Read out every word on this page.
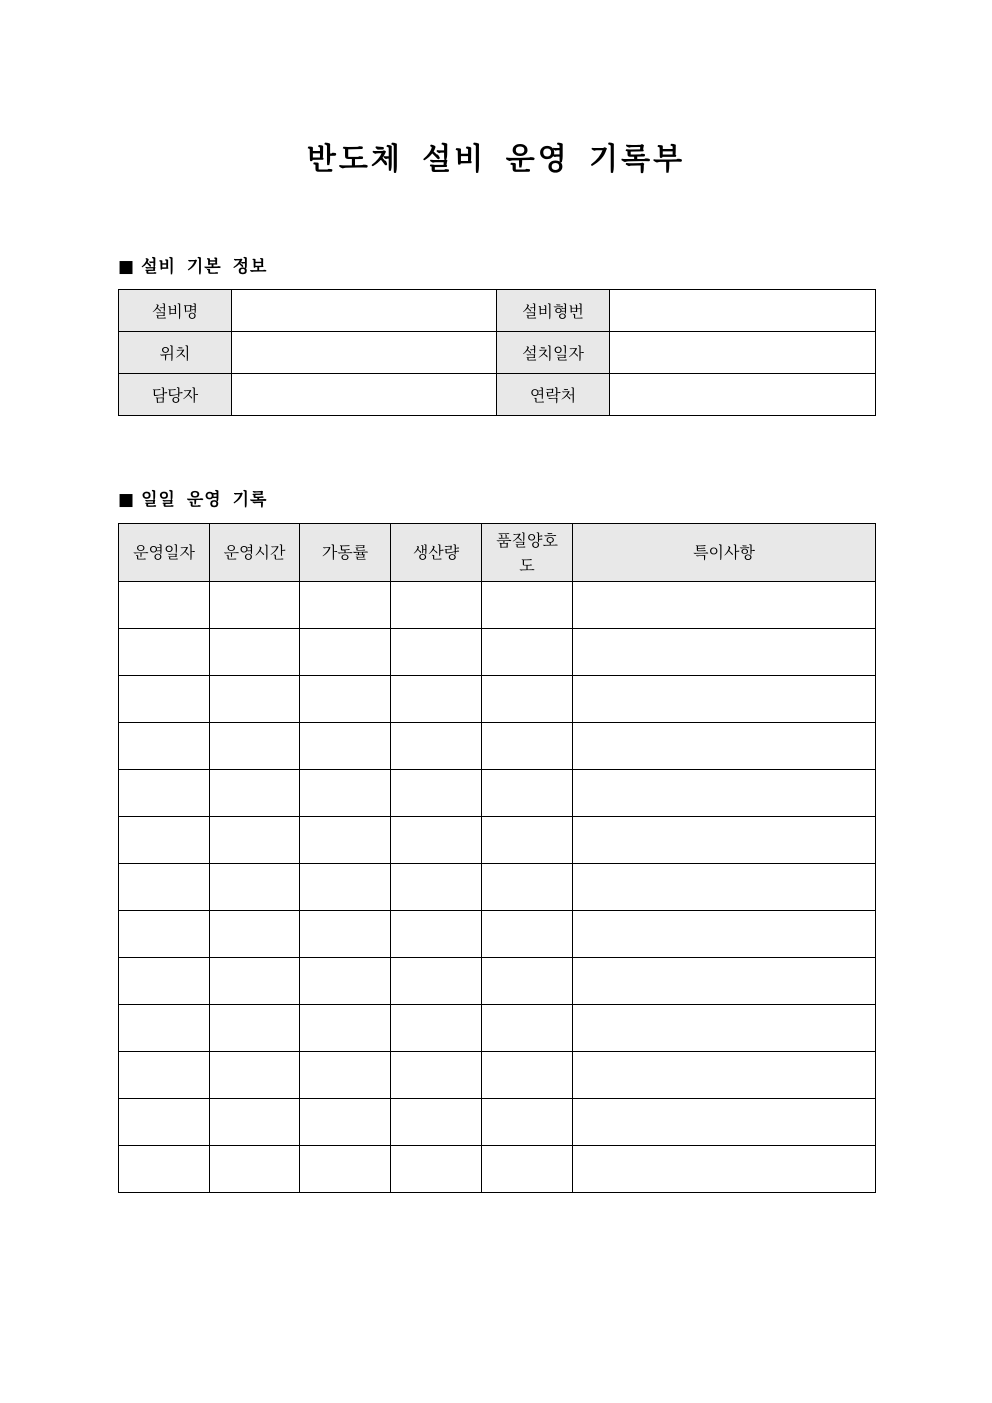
반도체 설비 운영 기록부
■ 설비 기본 정보
설비명		설비형번	
위치		설치일자	
담당자		연락처	
■ 일일 운영 기록
운영일자	운영시간	가동률	생산량	품질양호도	특이사항
